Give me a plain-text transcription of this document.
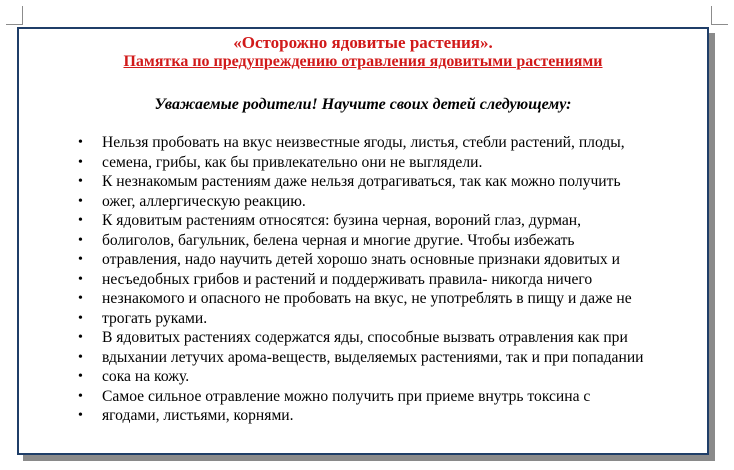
«Осторожно ядовитые растения».
Памятка по предупреждению отравления ядовитыми растениями
Уважаемые родители! Научите своих детей следующему:
• Нельзя пробовать на вкус неизвестные ягоды, листья, стебли растений, плоды,
• семена, грибы, как бы привлекательно они не выглядели.
• К незнакомым растениям даже нельзя дотрагиваться, так как можно получить
• ожег, аллергическую реакцию.
• К ядовитым растениям относятся: бузина черная, вороний глаз, дурман,
• болиголов, багульник, белена черная и многие другие. Чтобы избежать
• отравления, надо научить детей хорошо знать основные признаки ядовитых и
• несъедобных грибов и растений и поддерживать правила- никогда ничего
• незнакомого и опасного не пробовать на вкус, не употреблять в пищу и даже не
• трогать руками.
• В ядовитых растениях содержатся яды, способные вызвать отравления как при
• вдыхании летучих арома-веществ, выделяемых растениями, так и при попадании
• сока на кожу.
• Самое сильное отравление можно получить при приеме внутрь токсина с
• ягодами, листьями, корнями.
